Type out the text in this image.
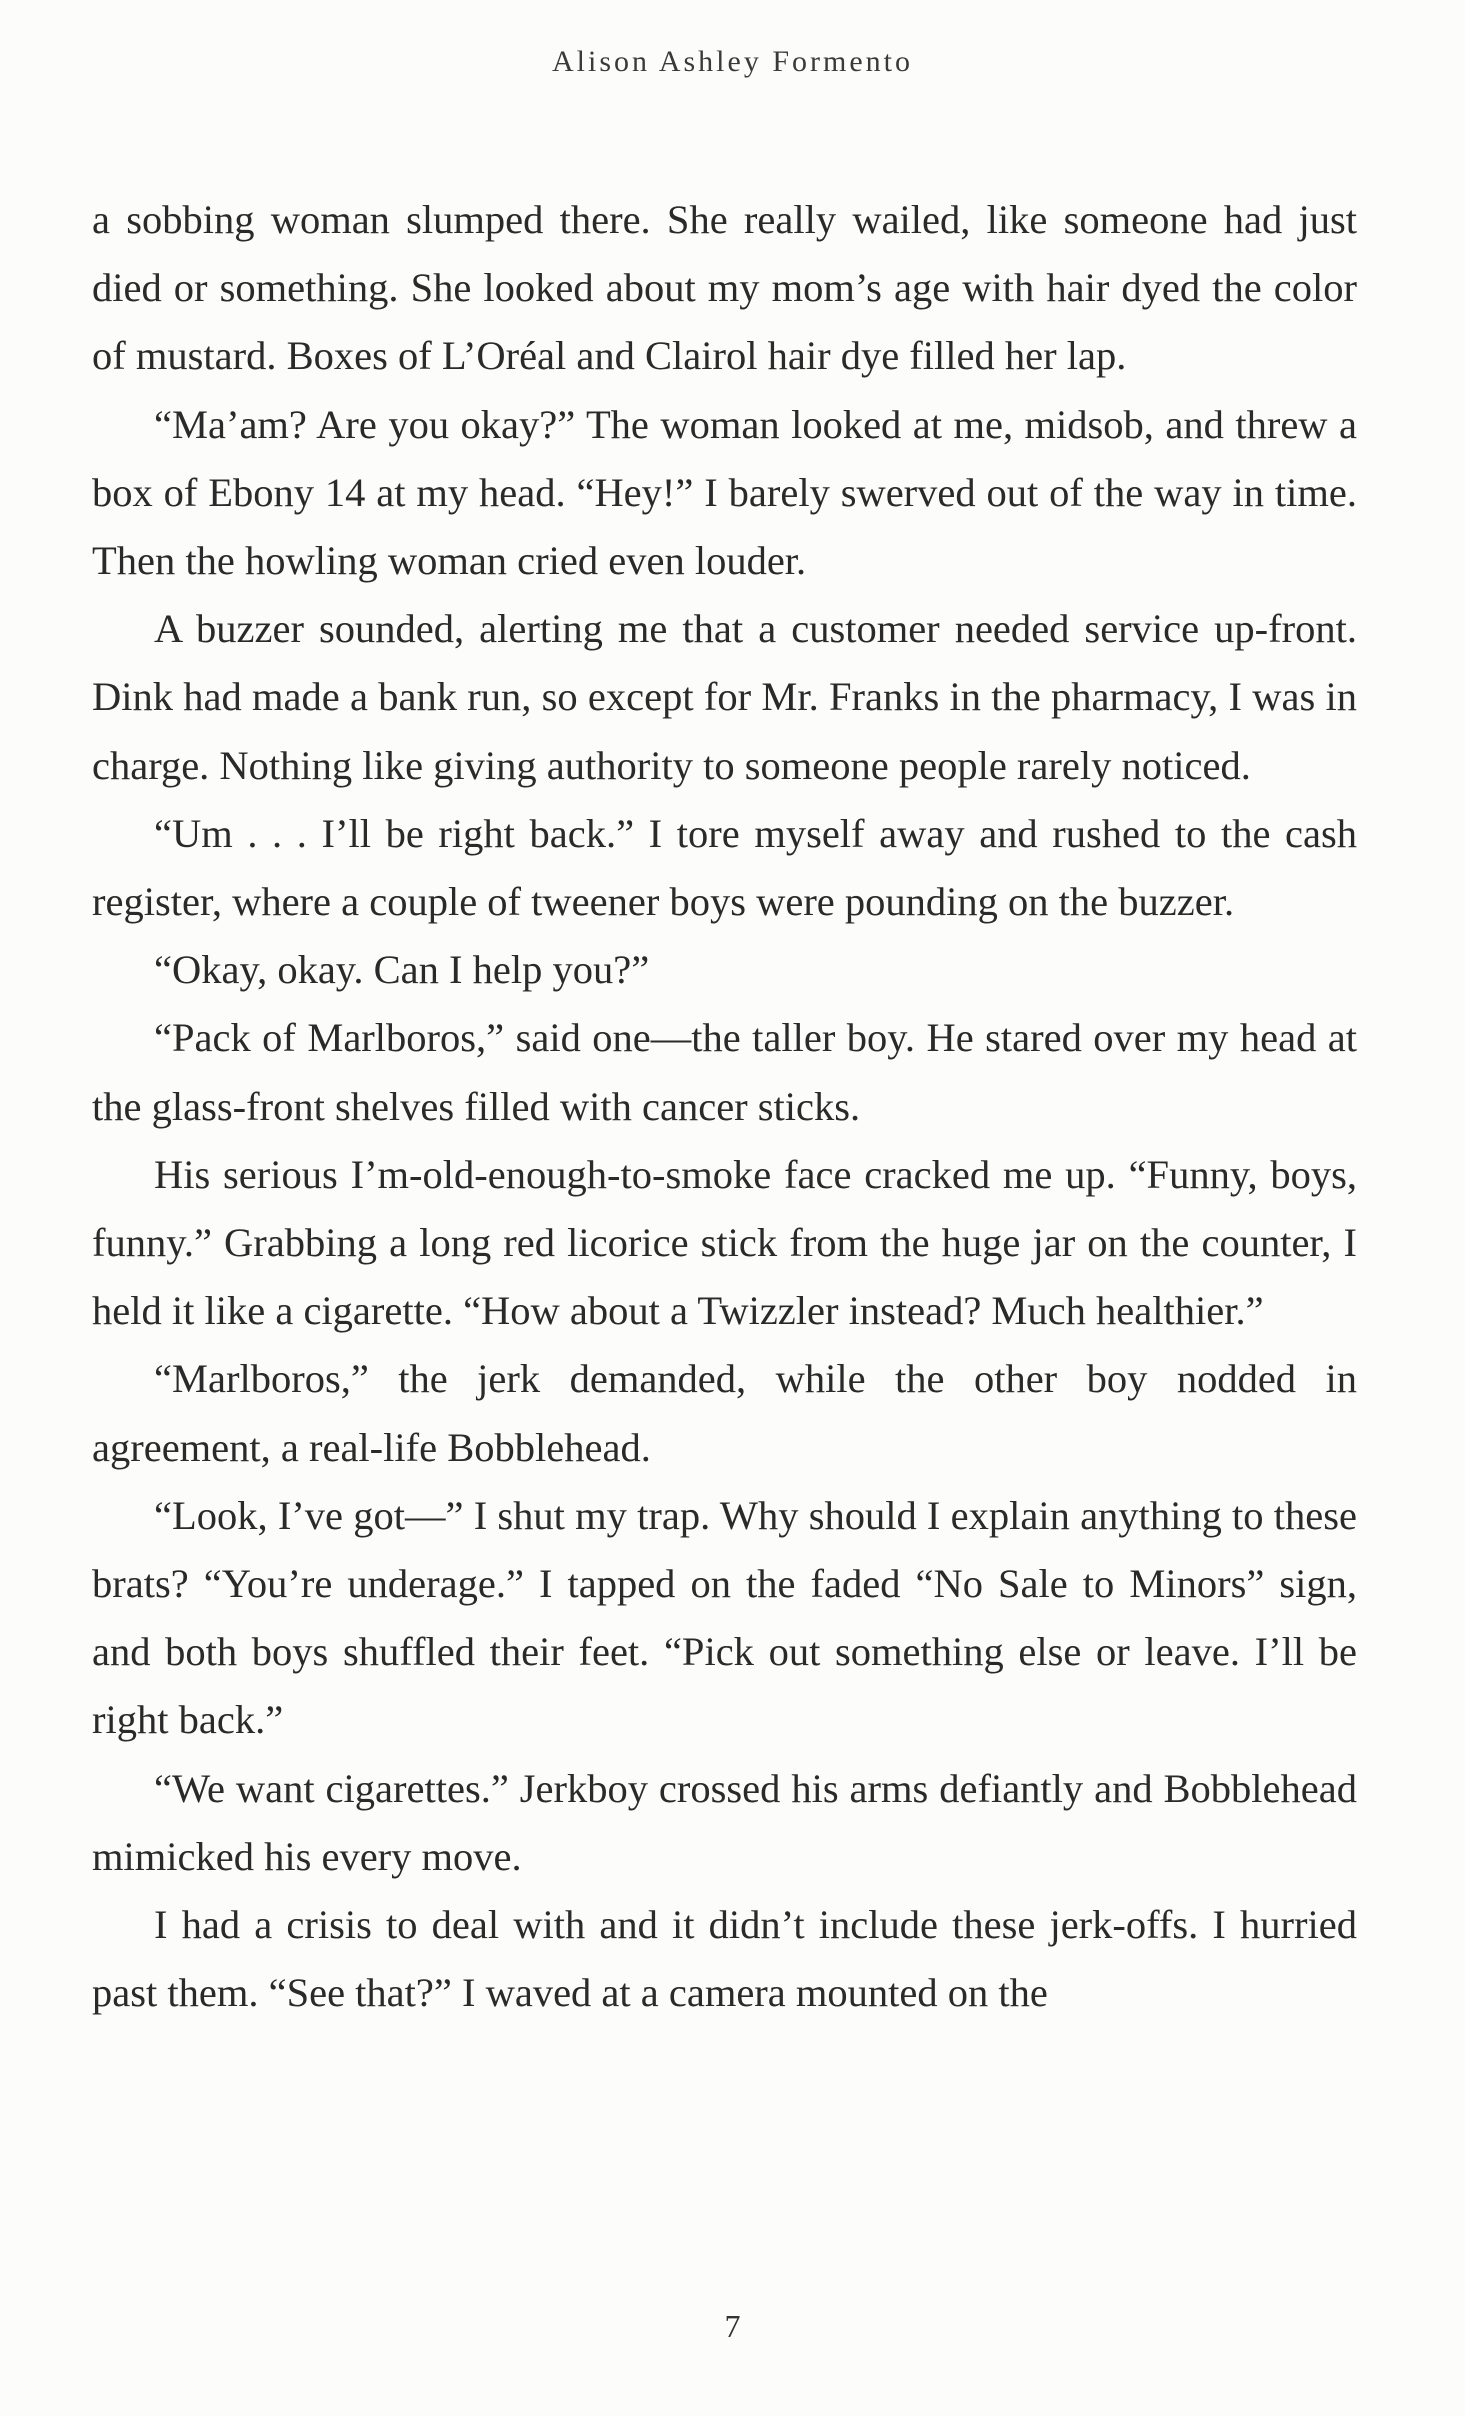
Alison Ashley Formento

a sobbing woman slumped there. She really wailed, like someone had just died or something. She looked about my mom’s age with hair dyed the color of mustard. Boxes of L’Oréal and Clairol hair dye filled her lap.

“Ma’am? Are you okay?” The woman looked at me, midsob, and threw a box of Ebony 14 at my head. “Hey!” I barely swerved out of the way in time. Then the howling woman cried even louder.

A buzzer sounded, alerting me that a customer needed service up-front. Dink had made a bank run, so except for Mr. Franks in the pharmacy, I was in charge. Nothing like giving authority to someone people rarely noticed.

“Um . . . I’ll be right back.” I tore myself away and rushed to the cash register, where a couple of tweener boys were pounding on the buzzer.

“Okay, okay. Can I help you?”

“Pack of Marlboros,” said one—the taller boy. He stared over my head at the glass-front shelves filled with cancer sticks.

His serious I’m-old-enough-to-smoke face cracked me up. “Funny, boys, funny.” Grabbing a long red licorice stick from the huge jar on the counter, I held it like a cigarette. “How about a Twizzler instead? Much healthier.”

“Marlboros,” the jerk demanded, while the other boy nodded in agreement, a real-life Bobblehead.

“Look, I’ve got—” I shut my trap. Why should I explain anything to these brats? “You’re underage.” I tapped on the faded “No Sale to Minors” sign, and both boys shuffled their feet. “Pick out something else or leave. I’ll be right back.”

“We want cigarettes.” Jerkboy crossed his arms defiantly and Bobblehead mimicked his every move.

I had a crisis to deal with and it didn’t include these jerk-offs. I hurried past them. “See that?” I waved at a camera mounted on the

7
